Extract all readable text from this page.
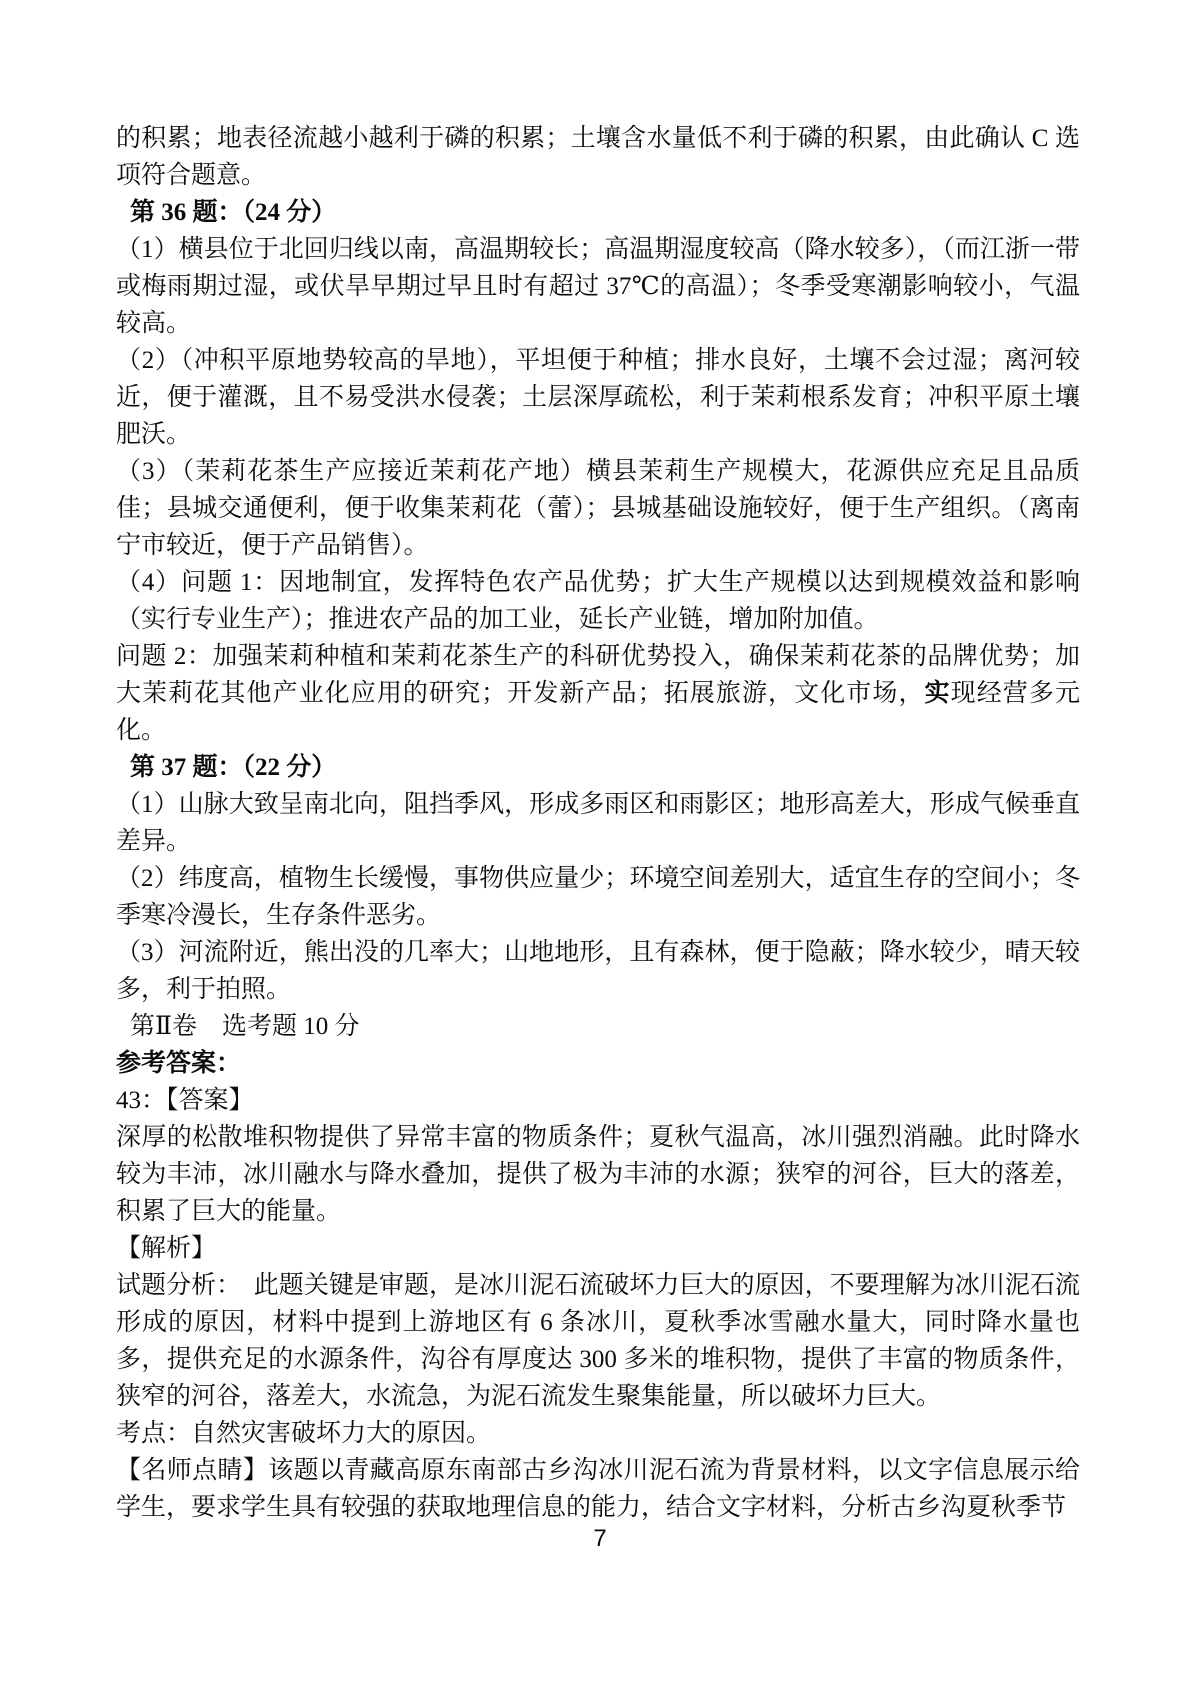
的积累；地表径流越小越利于磷的积累；土壤含水量低不利于磷的积累，由此确认 C 选项符合题意。

第 36 题：（24 分）

（1）横县位于北回归线以南，高温期较长；高温期湿度较高（降水较多），（而江浙一带或梅雨期过湿，或伏旱早期过早且时有超过 37℃的高温）；冬季受寒潮影响较小，气温较高。

（2）（冲积平原地势较高的旱地），平坦便于种植；排水良好，土壤不会过湿；离河较近，便于灌溉，且不易受洪水侵袭；土层深厚疏松，利于茉莉根系发育；冲积平原土壤肥沃。

（3）（茉莉花茶生产应接近茉莉花产地）横县茉莉生产规模大，花源供应充足且品质佳；县城交通便利，便于收集茉莉花（蕾）；县城基础设施较好，便于生产组织。（离南宁市较近，便于产品销售）。

（4）问题 1：因地制宜，发挥特色农产品优势；扩大生产规模以达到规模效益和影响（实行专业生产）；推进农产品的加工业，延长产业链，增加附加值。

问题 2：加强茉莉种植和茉莉花茶生产的科研优势投入，确保茉莉花茶的品牌优势；加大茉莉花其他产业化应用的研究；开发新产品；拓展旅游，文化市场，实现经营多元化。

第 37 题：（22 分）

（1）山脉大致呈南北向，阻挡季风，形成多雨区和雨影区；地形高差大，形成气候垂直差异。

（2）纬度高，植物生长缓慢，事物供应量少；环境空间差别大，适宜生存的空间小；冬季寒冷漫长，生存条件恶劣。

（3）河流附近，熊出没的几率大；山地地形，且有森林，便于隐蔽；降水较少，晴天较多，利于拍照。

第Ⅱ卷　选考题 10 分

参考答案：

43：【答案】

深厚的松散堆积物提供了异常丰富的物质条件；夏秋气温高，冰川强烈消融。此时降水较为丰沛，冰川融水与降水叠加，提供了极为丰沛的水源；狭窄的河谷，巨大的落差，积累了巨大的能量。

【解析】

试题分析：　此题关键是审题，是冰川泥石流破坏力巨大的原因，不要理解为冰川泥石流形成的原因，材料中提到上游地区有 6 条冰川，夏秋季冰雪融水量大，同时降水量也多，提供充足的水源条件，沟谷有厚度达 300 多米的堆积物，提供了丰富的物质条件，狭窄的河谷，落差大，水流急，为泥石流发生聚集能量，所以破坏力巨大。

考点：自然灾害破坏力大的原因。

【名师点睛】该题以青藏高原东南部古乡沟冰川泥石流为背景材料，以文字信息展示给学生，要求学生具有较强的获取地理信息的能力，结合文字材料，分析古乡沟夏秋季节

7
